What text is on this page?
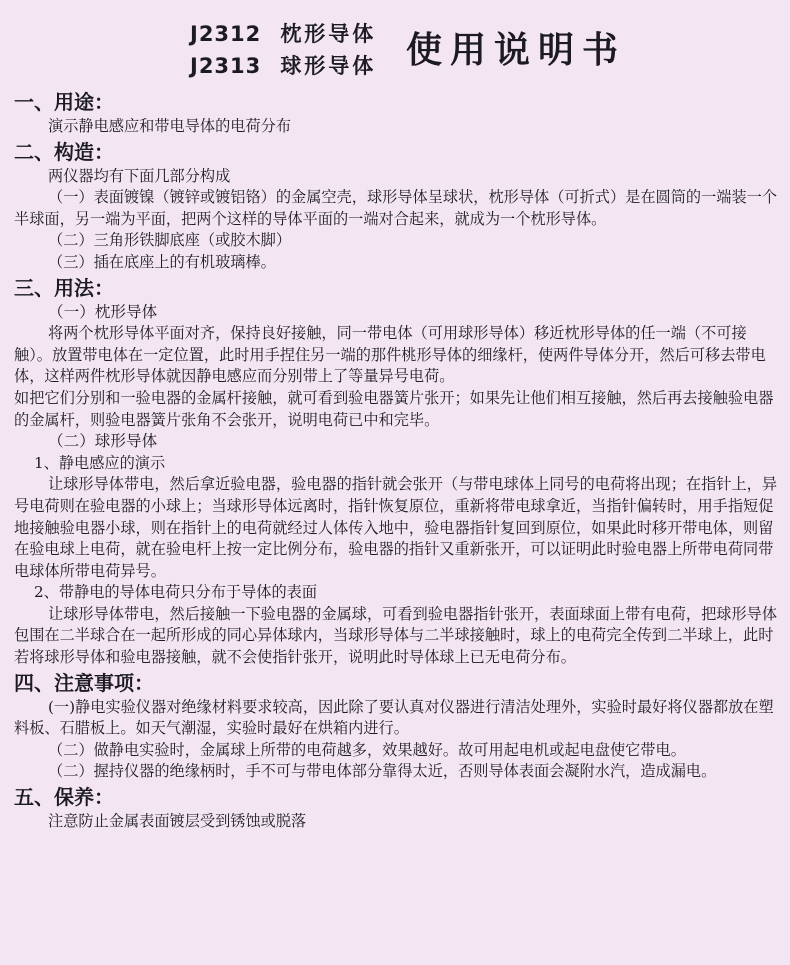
J2312 枕形导体
J2313 球形导体 使用说明书
一、用途：

演示静电感应和带电导体的电荷分布

二、构造：

两仪器均有下面几部分构成

（一）表面镀镍（镀锌或镀铝铬）的金属空壳，球形导体呈球状，枕形导体（可折式）是在圆筒的一端装一个半球面，另一端为平面，把两个这样的导体平面的一端对合起来，就成为一个枕形导体。

（二）三角形铁脚底座（或胶木脚）

（三）插在底座上的有机玻璃棒。

三、用法：

（一）枕形导体

将两个枕形导体平面对齐，保持良好接触，同一带电体（可用球形导体）移近枕形导体的任一端（不可接触）。放置带电体在一定位置，此时用手捏住另一端的那件桃形导体的细缘杆，使两件导体分开，然后可移去带电体，这样两件枕形导体就因静电感应而分别带上了等量异号电荷。

如把它们分别和一验电器的金属杆接触，就可看到验电器簧片张开；如果先让他们相互接触，然后再去接触验电器的金属杆，则验电器簧片张角不会张开，说明电荷已中和完毕。

（二）球形导体

1、静电感应的演示

让球形导体带电，然后拿近验电器，验电器的指针就会张开（与带电球体上同号的电荷将出现；在指针上，异号电荷则在验电器的小球上；当球形导体远离时，指针恢复原位，重新将带电球拿近，当指针偏转时，用手指短促地接触验电器小球，则在指针上的电荷就经过人体传入地中，验电器指针复回到原位，如果此时移开带电体，则留在验电球上电荷，就在验电杆上按一定比例分布，验电器的指针又重新张开，可以证明此时验电器上所带电荷同带电球体所带电荷异号。

2、带静电的导体电荷只分布于导体的表面

让球形导体带电，然后接触一下验电器的金属球，可看到验电器指针张开，表面球面上带有电荷，把球形导体包围在二半球合在一起所形成的同心异体球内，当球形导体与二半球接触时，球上的电荷完全传到二半球上，此时若将球形导体和验电器接触，就不会使指针张开，说明此时导体球上已无电荷分布。

四、注意事项：

(一)静电实验仪器对绝缘材料要求较高，因此除了要认真对仪器进行清洁处理外，实验时最好将仪器都放在塑料板、石腊板上。如天气潮湿，实验时最好在烘箱内进行。

（二）做静电实验时，金属球上所带的电荷越多，效果越好。故可用起电机或起电盘使它带电。

（二）握持仪器的绝缘柄时，手不可与带电体部分靠得太近，否则导体表面会凝附水汽，造成漏电。

五、保养：

注意防止金属表面镀层受到锈蚀或脱落
